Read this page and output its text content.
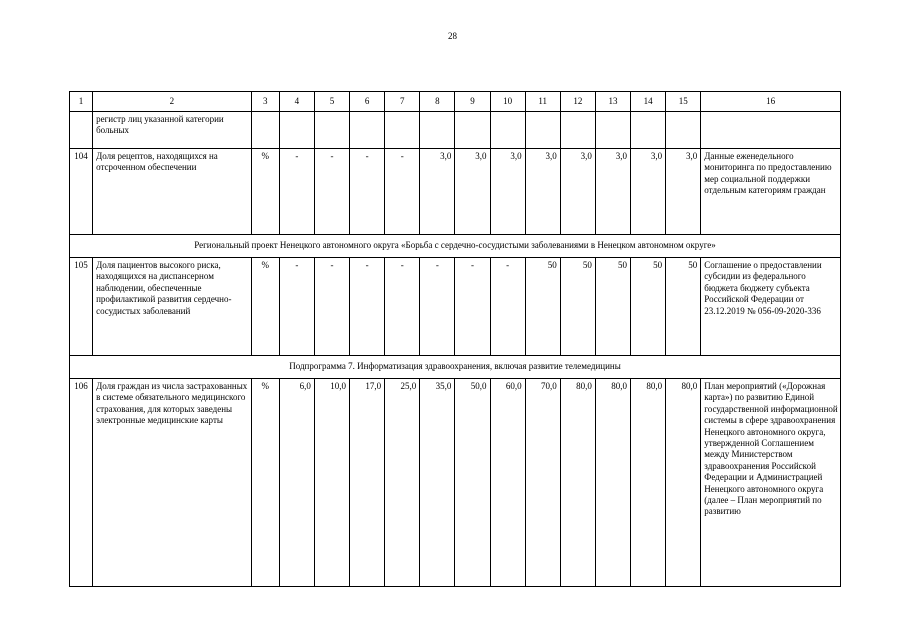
28
1	2	3	4	5	6	7	8	9	10	11	12	13	14	15	16
	регистр лиц указанной категории больных														
104	Доля рецептов, находящихся на отсроченном обеспечении	%	-	-	-	-	3,0	3,0	3,0	3,0	3,0	3,0	3,0	3,0	Данные еженедельного мониторинга по предоставлению мер социальной поддержки отдельным категориям граждан
Региональный проект Ненецкого автономного округа «Борьба с сердечно-сосудистыми заболеваниями в Ненецком автономном округе»															
105	Доля пациентов высокого риска, находящихся на диспансерном наблюдении, обеспеченные профилактикой развития сердечно-сосудистых заболеваний	%	-	-	-	-	-	-	-	50	50	50	50	50	Соглашение о предоставлении субсидии из федерального бюджета бюджету субъекта Российской Федерации от 23.12.2019 № 056-09-2020-336
Подпрограмма 7. Информатизация здравоохранения, включая развитие телемедицины															
106	Доля граждан из числа застрахованных в системе обязательного медицинского страхования, для которых заведены электронные медицинские карты	%	6,0	10,0	17,0	25,0	35,0	50,0	60,0	70,0	80,0	80,0	80,0	80,0	План мероприятий («Дорожная карта») по развитию Единой государственной информационной системы в сфере здравоохранения Ненецкого автономного округа, утвержденной Соглашением между Министерством здравоохранения Российской Федерации и Администрацией Ненецкого автономного округа (далее – План мероприятий по развитию
